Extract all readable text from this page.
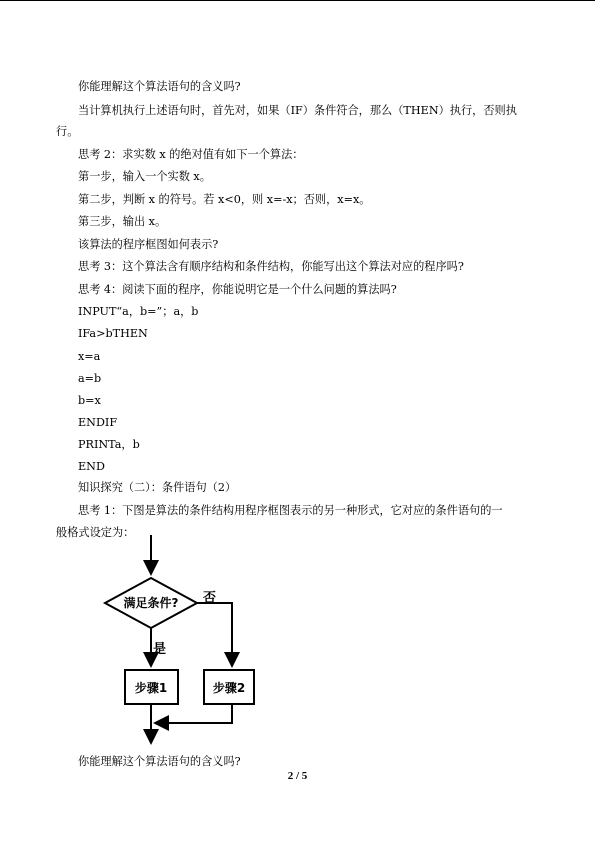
你能理解这个算法语句的含义吗?
当计算机执行上述语句时，首先对，如果（IF）条件符合，那么（THEN）执行，否则执
行。
思考 2：求实数 x 的绝对值有如下一个算法：
第一步，输入一个实数 x。
第二步，判断 x 的符号。若 x<0，则 x=-x；否则，x=x。
第三步，输出 x。
该算法的程序框图如何表示?
思考 3：这个算法含有顺序结构和条件结构，你能写出这个算法对应的程序吗?
思考 4：阅读下面的程序，你能说明它是一个什么问题的算法吗?
INPUT“a，b=”；a，b
IFa>bTHEN
x=a
a=b
b=x
ENDIF
PRINTa，b
END
知识探究（二）：条件语句（2）
思考 1：下图是算法的条件结构用程序框图表示的另一种形式，它对应的条件语句的一
般格式设定为：
满足条件?
是
否
步骤1	步骤2
你能理解这个算法语句的含义吗?
2 / 5
